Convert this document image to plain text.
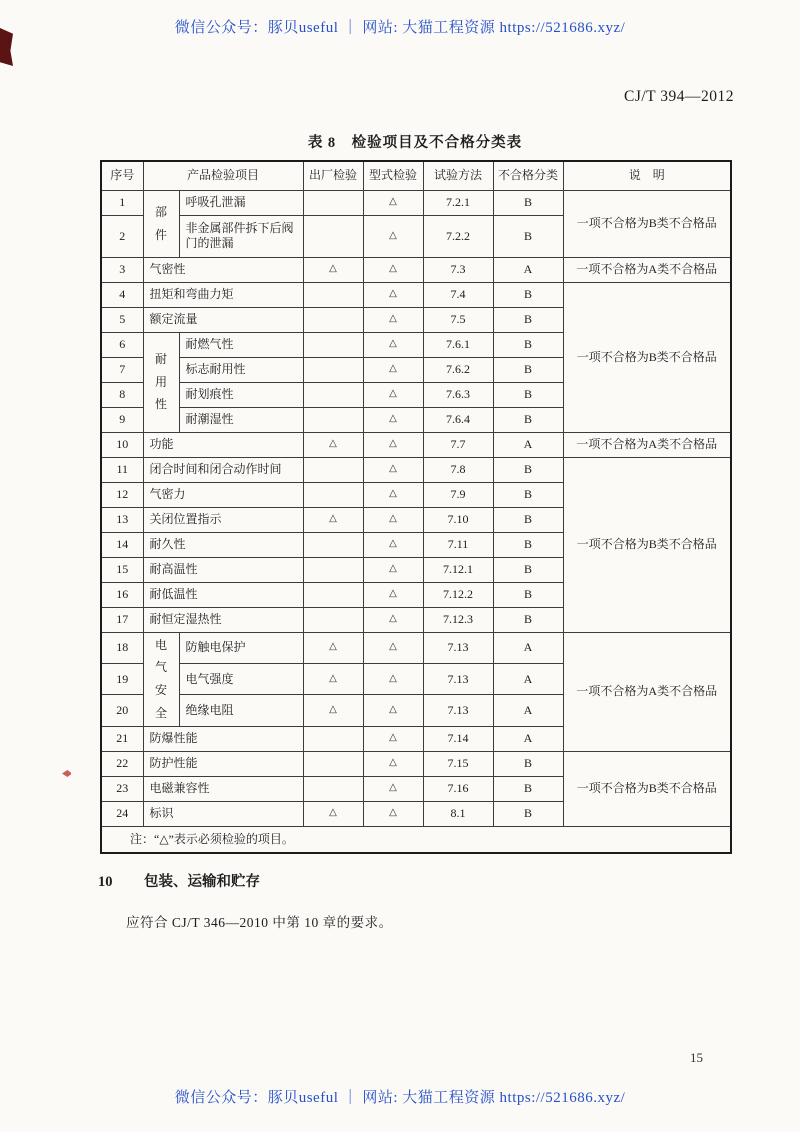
微信公众号：豚贝useful ｜ 网站: 大猫工程资源 https://521686.xyz/
CJ/T 394—2012
表 8　检验项目及不合格分类表
序号	产品检验项目		出厂检验	型式检验	试验方法	不合格分类	说　明
1	部件	呼吸孔泄漏		△	7.2.1	B	一项不合格为B类不合格品
2		非金属部件拆下后阀门的泄漏		△	7.2.2	B	
3	气密性		△	△	7.3	A	一项不合格为A类不合格品
4	扭矩和弯曲力矩			△	7.4	B	一项不合格为B类不合格品
5	额定流量			△	7.5	B	
6	耐用性	耐燃气性		△	7.6.1	B	
7		标志耐用性		△	7.6.2	B	
8		耐划痕性		△	7.6.3	B	
9		耐潮湿性		△	7.6.4	B	
10	功能		△	△	7.7	A	一项不合格为A类不合格品
11	闭合时间和闭合动作时间			△	7.8	B	一项不合格为B类不合格品
12	气密力			△	7.9	B	
13	关闭位置指示		△	△	7.10	B	
14	耐久性			△	7.11	B	
15	耐高温性			△	7.12.1	B	
16	耐低温性			△	7.12.2	B	
17	耐恒定湿热性			△	7.12.3	B	
18	电气安全	防触电保护	△	△	7.13	A	一项不合格为A类不合格品
19		电气强度	△	△	7.13	A	
20		绝缘电阻	△	△	7.13	A	
21	防爆性能			△	7.14	A	
22	防护性能			△	7.15	B	一项不合格为B类不合格品
23	电磁兼容性			△	7.16	B	
24	标识		△	△	8.1	B	
注：“△”表示必须检验的项目。							
10 包装、运输和贮存
应符合 CJ/T 346—2010 中第 10 章的要求。
15
微信公众号：豚贝useful ｜ 网站: 大猫工程资源 https://521686.xyz/
